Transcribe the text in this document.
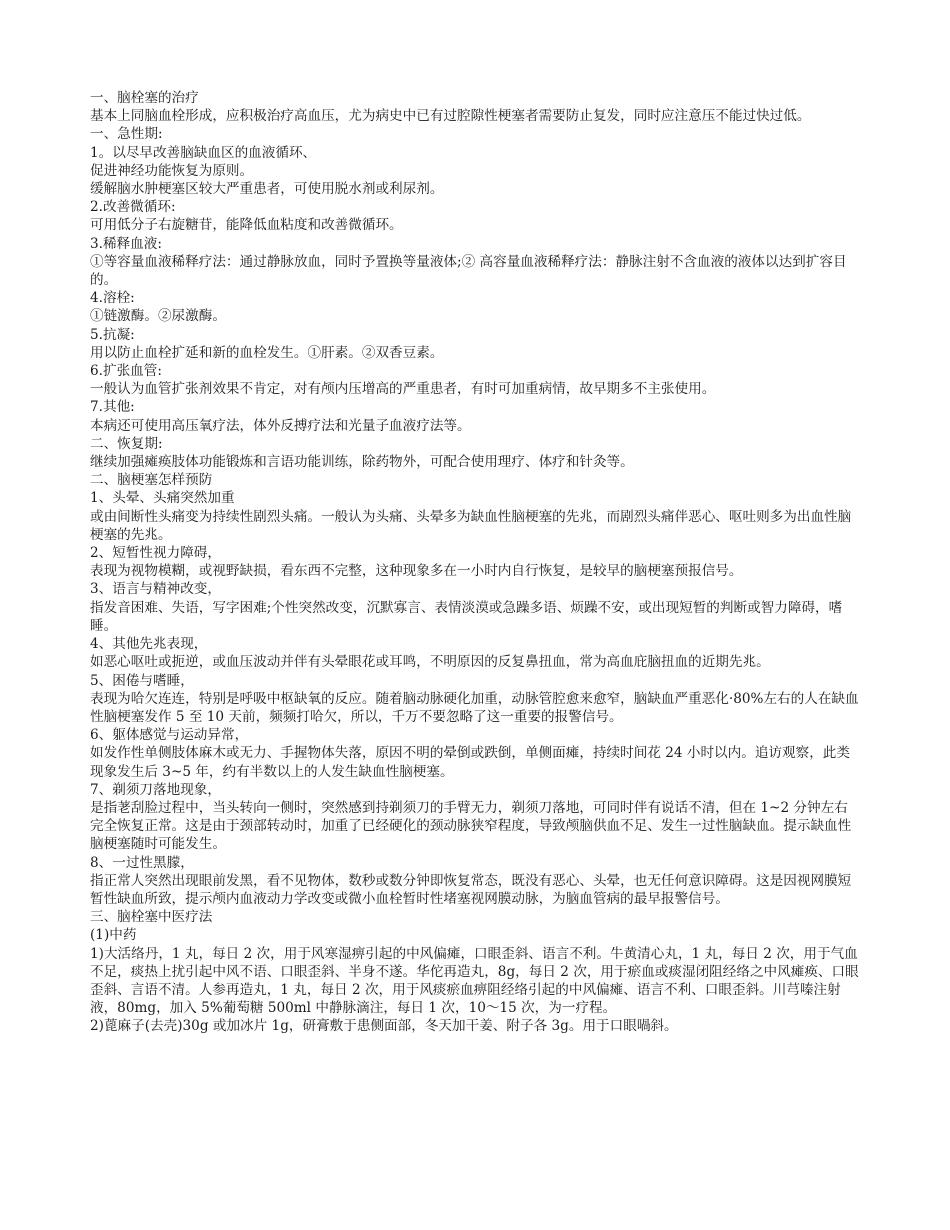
一、脑栓塞的治疗

基本上同脑血栓形成，应积极治疗高血压，尤为病史中已有过腔隙性梗塞者需要防止复发，同时应注意压不能过快过低。

一、急性期:

1。以尽早改善脑缺血区的血液循环、

促进神经功能恢复为原则。

缓解脑水肿梗塞区较大严重患者，可使用脱水剂或利尿剂。

2.改善微循环:

可用低分子右旋糖苷，能降低血粘度和改善微循环。

3.稀释血液:

①等容量血液稀释疗法：通过静脉放血，同时予置换等量液体;② 高容量血液稀释疗法：静脉注射不含血液的液体以达到扩容目的。

4.溶栓:

①链激酶。②尿激酶。

5.抗凝:

用以防止血栓扩延和新的血栓发生。①肝素。②双香豆素。

6.扩张血管:

一般认为血管扩张剂效果不肯定，对有颅内压增高的严重患者，有时可加重病情，故早期多不主张使用。

7.其他:

本病还可使用高压氧疗法，体外反搏疗法和光量子血液疗法等。

二、恢复期:

继续加强瘫痪肢体功能锻炼和言语功能训练，除药物外，可配合使用理疗、体疗和针灸等。

二、脑梗塞怎样预防

1、头晕、头痛突然加重

或由间断性头痛变为持续性剧烈头痛。一般认为头痛、头晕多为缺血性脑梗塞的先兆，而剧烈头痛伴恶心、呕吐则多为出血性脑梗塞的先兆。

2、短暂性视力障碍，

表现为视物模糊，或视野缺损，看东西不完整，这种现象多在一小时内自行恢复，是较早的脑梗塞预报信号。

3、语言与精神改变，

指发音困难、失语，写字困难;个性突然改变，沉默寡言、表情淡漠或急躁多语、烦躁不安，或出现短暂的判断或智力障碍，嗜睡。

4、其他先兆表现，

如恶心呕吐或扼逆，或血压波动并伴有头晕眼花或耳鸣，不明原因的反复鼻扭血，常为高血庇脑扭血的近期先兆。

5、困倦与嗜睡，

表现为哈欠连连，特别是呼吸中枢缺氧的反应。随着脑动脉硬化加重，动脉管腔愈来愈窄，脑缺血严重恶化·80%左右的人在缺血性脑梗塞发作 5 至 10 天前，频频打哈欠，所以，千万不要忽略了这一重要的报警信号。

6、躯体感觉与运动异常，

如发作性单侧肢体麻木或无力、手握物体失落，原因不明的晕倒或跌倒，单侧面瘫，持续时间花 24 小时以内。追访观察，此类现象发生后 3~5 年，约有半数以上的人发生缺血性脑梗塞。

7、剃须刀落地现象，

是指荖刮脸过程中，当头转向一侧时，突然感到持剃须刀的手臂无力，剃须刀落地，可同时伴有说话不清，但在 1~2 分钟左右完全恢复正常。这是由于颈部转动时，加重了已经硬化的颈动脉狭窄程度，导致颅脑供血不足、发生一过性脑缺血。提示缺血性脑梗塞随时可能发生。

8、一过性黑朦，

指正常人突然出现眼前发黑，看不见物体，数秒或数分钟即恢复常态，既没有恶心、头晕，也无任何意识障碍。这是因视网膜短暂性缺血所致，提示颅内血液动力学改变或微小血栓暂时性堵塞视网膜动脉，为脑血管病的最早报警信号。

三、脑栓塞中医疗法

(1)中药

1)大活络丹，1 丸，每日 2 次，用于风寒湿痹引起的中风偏瘫，口眼歪斜、语言不利。牛黄清心丸，1 丸，每日 2 次，用于气血不足，痰热上扰引起中风不语、口眼歪斜、半身不遂。华佗再造丸，8g，每日 2 次，用于瘀血或痰湿闭阻经络之中风瘫痪、口眼歪斜、言语不清。人参再造丸，1 丸，每日 2 次，用于风痰瘀血痹阻经络引起的中风偏瘫、语言不利、口眼歪斜。川芎嗪注射液，80mg，加入 5%葡萄糖 500ml 中静脉滴注，每日 1 次，10～15 次，为一疗程。

2)蓖麻子(去壳)30g 或加冰片 1g，研膏敷于患侧面部，冬天加干姜、附子各 3g。用于口眼喎斜。
